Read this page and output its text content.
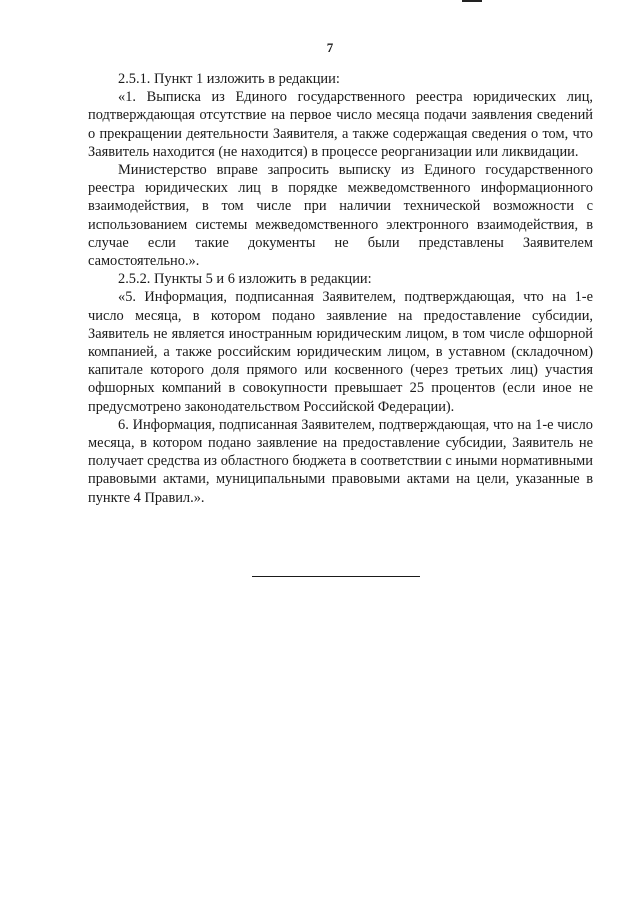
7

2.5.1. Пункт 1 изложить в редакции:

«1. Выписка из Единого государственного реестра юридических лиц, подтверждающая отсутствие на первое число месяца подачи заявления сведений о прекращении деятельности Заявителя, а также содержащая сведения о том, что Заявитель находится (не находится) в процессе реорганизации или ликвидации.

Министерство вправе запросить выписку из Единого государственного реестра юридических лиц в порядке межведомственного информационного взаимодействия, в том числе при наличии технической возможности с использованием системы межведомственного электронного взаимодействия, в случае если такие документы не были представлены Заявителем самостоятельно.».

2.5.2. Пункты 5 и 6 изложить в редакции:

«5. Информация, подписанная Заявителем, подтверждающая, что на 1-е число месяца, в котором подано заявление на предоставление субсидии, Заявитель не является иностранным юридическим лицом, в том числе офшорной компанией, а также российским юридическим лицом, в уставном (складочном) капитале которого доля прямого или косвенного (через третьих лиц) участия офшорных компаний в совокупности превышает 25 процентов (если иное не предусмотрено законодательством Российской Федерации).

6. Информация, подписанная Заявителем, подтверждающая, что на 1-е число месяца, в котором подано заявление на предоставление субсидии, Заявитель не получает средства из областного бюджета в соответствии с иными нормативными правовыми актами, муниципальными правовыми актами на цели, указанные в пункте 4 Правил.».
